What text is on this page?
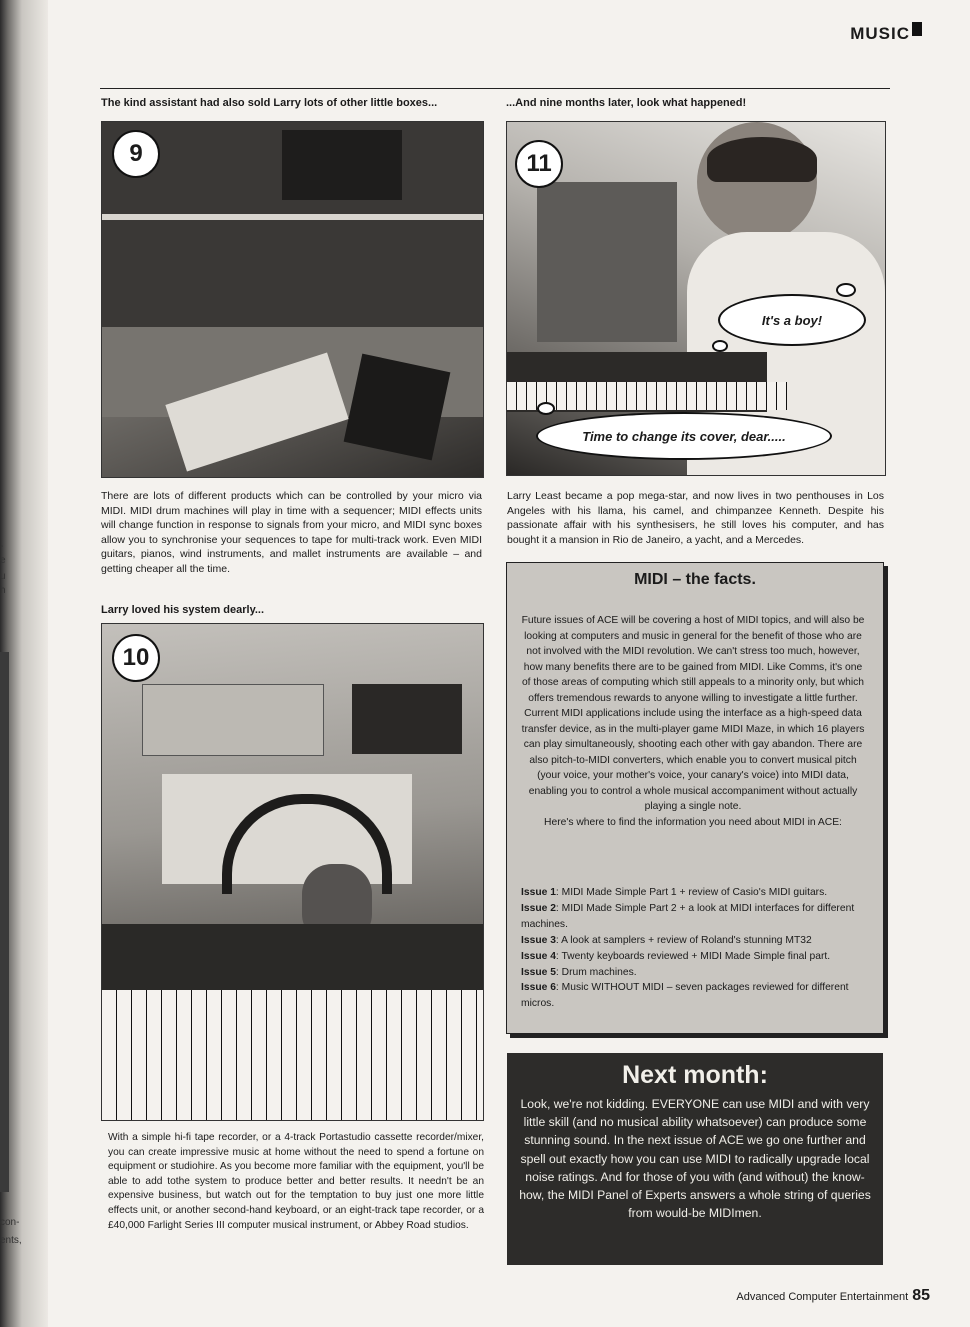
-
e
u
h
con-
ents,
MUSIC
The kind assistant had also sold Larry lots of other little boxes...	...And nine months later, look what happened!
9	11
It's a boy!
Time to change its cover, dear.....
There are lots of different products which can be controlled by your micro via MIDI. MIDI drum machines will play in time with a sequencer; MIDI effects units will change function in response to signals from your micro, and MIDI sync boxes allow you to synchronise your sequences to tape for multi-track work. Even MIDI guitars, pianos, wind instruments, and mallet instruments are available – and getting cheaper all the time.
Larry Least became a pop mega-star, and now lives in two penthouses in Los Angeles with his llama, his camel, and chimpanzee Kenneth. Despite his passionate affair with his synthesisers, he still loves his computer, and has bought it a mansion in Rio de Janeiro, a yacht, and a Mercedes.
Larry loved his system dearly...
10
With a simple hi-fi tape recorder, or a 4-track Portastudio cassette recorder/mixer, you can create impressive music at home without the need to spend a fortune on equipment or studiohire. As you become more familiar with the equipment, you'll be able to add tothe system to produce better and better results. It needn't be an expensive business, but watch out for the temptation to buy just one more little effects unit, or another second-hand keyboard, or an eight-track tape recorder, or a £40,000 Farlight Series III computer musical instrument, or Abbey Road studios.
MIDI – the facts.

Future issues of ACE will be covering a host of MIDI topics, and will also be looking at computers and music in general for the benefit of those who are not involved with the MIDI revolution. We can't stress too much, however, how many benefits there are to be gained from MIDI. Like Comms, it's one of those areas of computing which still appeals to a minority only, but which offers tremendous rewards to anyone willing to investigate a little further.

Current MIDI applications include using the interface as a high-speed data transfer device, as in the multi-player game MIDI Maze, in which 16 players can play simultaneously, shooting each other with gay abandon. There are also pitch-to-MIDI converters, which enable you to convert musical pitch (your voice, your mother's voice, your canary's voice) into MIDI data, enabling you to control a whole musical accompaniment without actually playing a single note.

Here's where to find the information you need about MIDI in ACE:

Issue 1: MIDI Made Simple Part 1 + review of Casio's MIDI guitars.
Issue 2: MIDI Made Simple Part 2 + a look at MIDI interfaces for different machines.
Issue 3: A look at samplers + review of Roland's stunning MT32
Issue 4: Twenty keyboards reviewed + MIDI Made Simple final part.
Issue 5: Drum machines.
Issue 6: Music WITHOUT MIDI – seven packages reviewed for different micros.
Next month:
Look, we're not kidding. EVERYONE can use MIDI and with very little skill (and no musical ability whatsoever) can produce some stunning sound. In the next issue of ACE we go one further and spell out exactly how you can use MIDI to radically upgrade local noise ratings. And for those of you with (and without) the know-how, the MIDI Panel of Experts answers a whole string of queries from would-be MIDImen.
Advanced Computer Entertainment 85
